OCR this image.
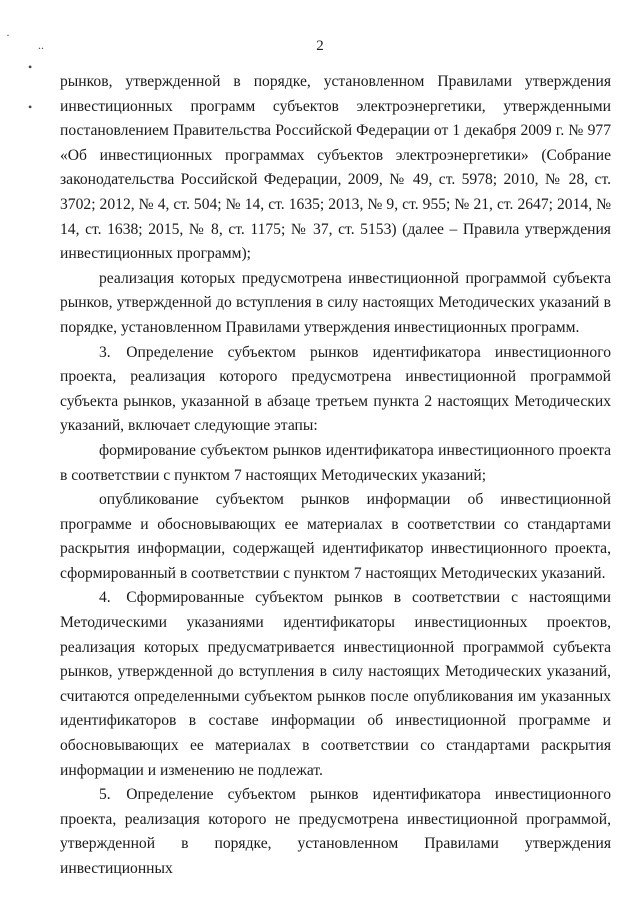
2
·
..
•
•

рынков, утвержденной в порядке, установленном Правилами утверждения инвестиционных программ субъектов электроэнергетики, утвержденными постановлением Правительства Российской Федерации от 1 декабря 2009 г. № 977 «Об инвестиционных программах субъектов электроэнергетики» (Собрание законодательства Российской Федерации, 2009, № 49, ст. 5978; 2010, № 28, ст. 3702; 2012, № 4, ст. 504; № 14, ст. 1635; 2013, № 9, ст. 955; № 21, ст. 2647; 2014, № 14, ст. 1638; 2015, № 8, ст. 1175; № 37, ст. 5153) (далее – Правила утверждения инвестиционных программ);

реализация которых предусмотрена инвестиционной программой субъекта рынков, утвержденной до вступления в силу настоящих Методических указаний в порядке, установленном Правилами утверждения инвестиционных программ.

3. Определение субъектом рынков идентификатора инвестиционного проекта, реализация которого предусмотрена инвестиционной программой субъекта рынков, указанной в абзаце третьем пункта 2 настоящих Методических указаний, включает следующие этапы:

формирование субъектом рынков идентификатора инвестиционного проекта в соответствии с пунктом 7 настоящих Методических указаний;

опубликование субъектом рынков информации об инвестиционной программе и обосновывающих ее материалах в соответствии со стандартами раскрытия информации, содержащей идентификатор инвестиционного проекта, сформированный в соответствии с пунктом 7 настоящих Методических указаний.

4. Сформированные субъектом рынков в соответствии с настоящими Методическими указаниями идентификаторы инвестиционных проектов, реализация которых предусматривается инвестиционной программой субъекта рынков, утвержденной до вступления в силу настоящих Методических указаний, считаются определенными субъектом рынков после опубликования им указанных идентификаторов в составе информации об инвестиционной программе и обосновывающих ее материалах в соответствии со стандартами раскрытия информации и изменению не подлежат.

5. Определение субъектом рынков идентификатора инвестиционного проекта, реализация которого не предусмотрена инвестиционной программой, утвержденной в порядке, установленном Правилами утверждения инвестиционных
